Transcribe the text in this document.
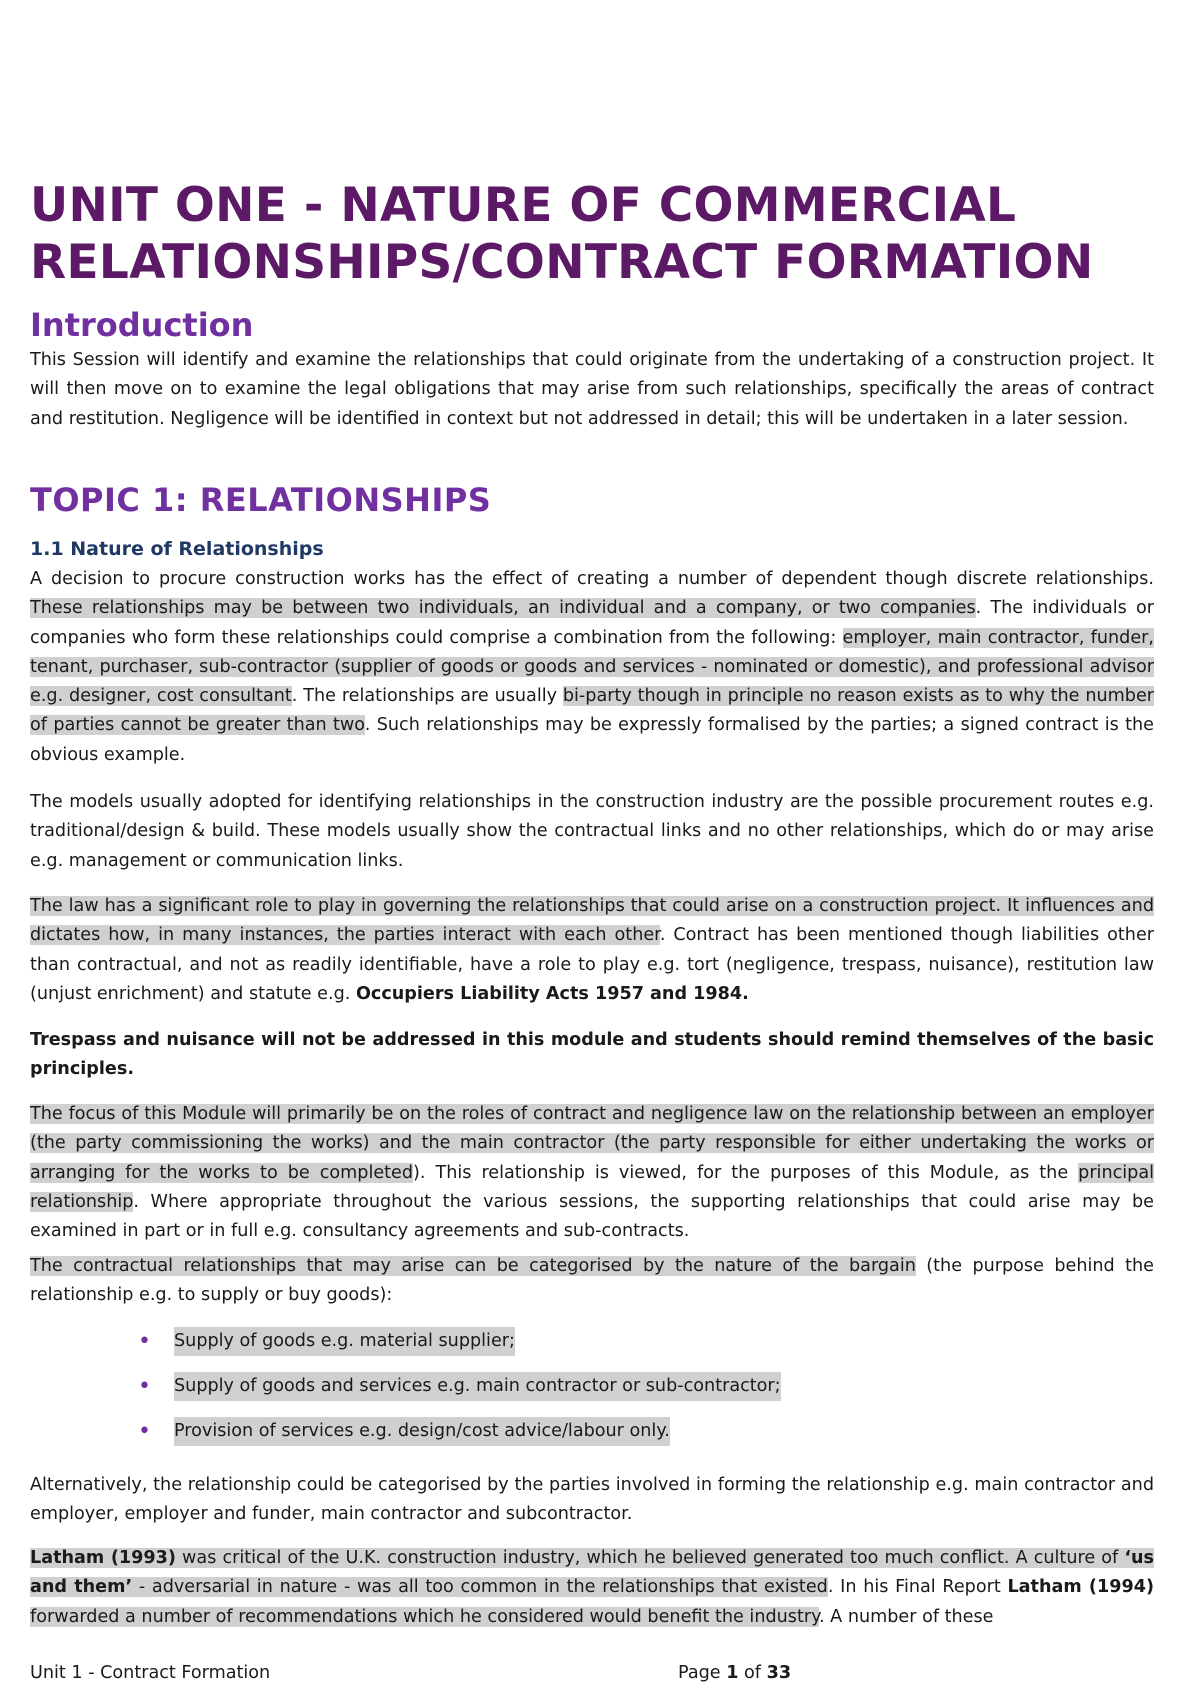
UNIT ONE - NATURE OF COMMERCIAL
RELATIONSHIPS/CONTRACT FORMATION
Introduction

This Session will identify and examine the relationships that could originate from the undertaking of a construction project. It will then move on to examine the legal obligations that may arise from such relationships, specifically the areas of contract and restitution. Negligence will be identified in context but not addressed in detail; this will be undertaken in a later session.

TOPIC 1: RELATIONSHIPS
1.1 Nature of Relationships

A decision to procure construction works has the effect of creating a number of dependent though discrete relationships. These relationships may be between two individuals, an individual and a company, or two companies. The individuals or companies who form these relationships could comprise a combination from the following: employer, main contractor, funder, tenant, purchaser, sub-contractor (supplier of goods or goods and services - nominated or domestic), and professional advisor e.g. designer, cost consultant. The relationships are usually bi-party though in principle no reason exists as to why the number of parties cannot be greater than two. Such relationships may be expressly formalised by the parties; a signed contract is the obvious example.

The models usually adopted for identifying relationships in the construction industry are the possible procurement routes e.g. traditional/design & build. These models usually show the contractual links and no other relationships, which do or may arise e.g. management or communication links.

The law has a significant role to play in governing the relationships that could arise on a construction project. It influences and dictates how, in many instances, the parties interact with each other. Contract has been mentioned though liabilities other than contractual, and not as readily identifiable, have a role to play e.g. tort (negligence, trespass, nuisance), restitution law (unjust enrichment) and statute e.g. Occupiers Liability Acts 1957 and 1984.

Trespass and nuisance will not be addressed in this module and students should remind themselves of the basic principles.

The focus of this Module will primarily be on the roles of contract and negligence law on the relationship between an employer (the party commissioning the works) and the main contractor (the party responsible for either undertaking the works or arranging for the works to be completed). This relationship is viewed, for the purposes of this Module, as the principal relationship. Where appropriate throughout the various sessions, the supporting relationships that could arise may be examined in part or in full e.g. consultancy agreements and sub-contracts.

The contractual relationships that may arise can be categorised by the nature of the bargain (the purpose behind the relationship e.g. to supply or buy goods):

• Supply of goods e.g. material supplier;
• Supply of goods and services e.g. main contractor or sub-contractor;
• Provision of services e.g. design/cost advice/labour only.

Alternatively, the relationship could be categorised by the parties involved in forming the relationship e.g. main contractor and employer, employer and funder, main contractor and subcontractor.

Latham (1993) was critical of the U.K. construction industry, which he believed generated too much conflict. A culture of ‘us and them’ - adversarial in nature - was all too common in the relationships that existed. In his Final Report Latham (1994) forwarded a number of recommendations which he considered would benefit the industry. A number of these

Unit 1 - Contract Formation	Page 1 of 33
